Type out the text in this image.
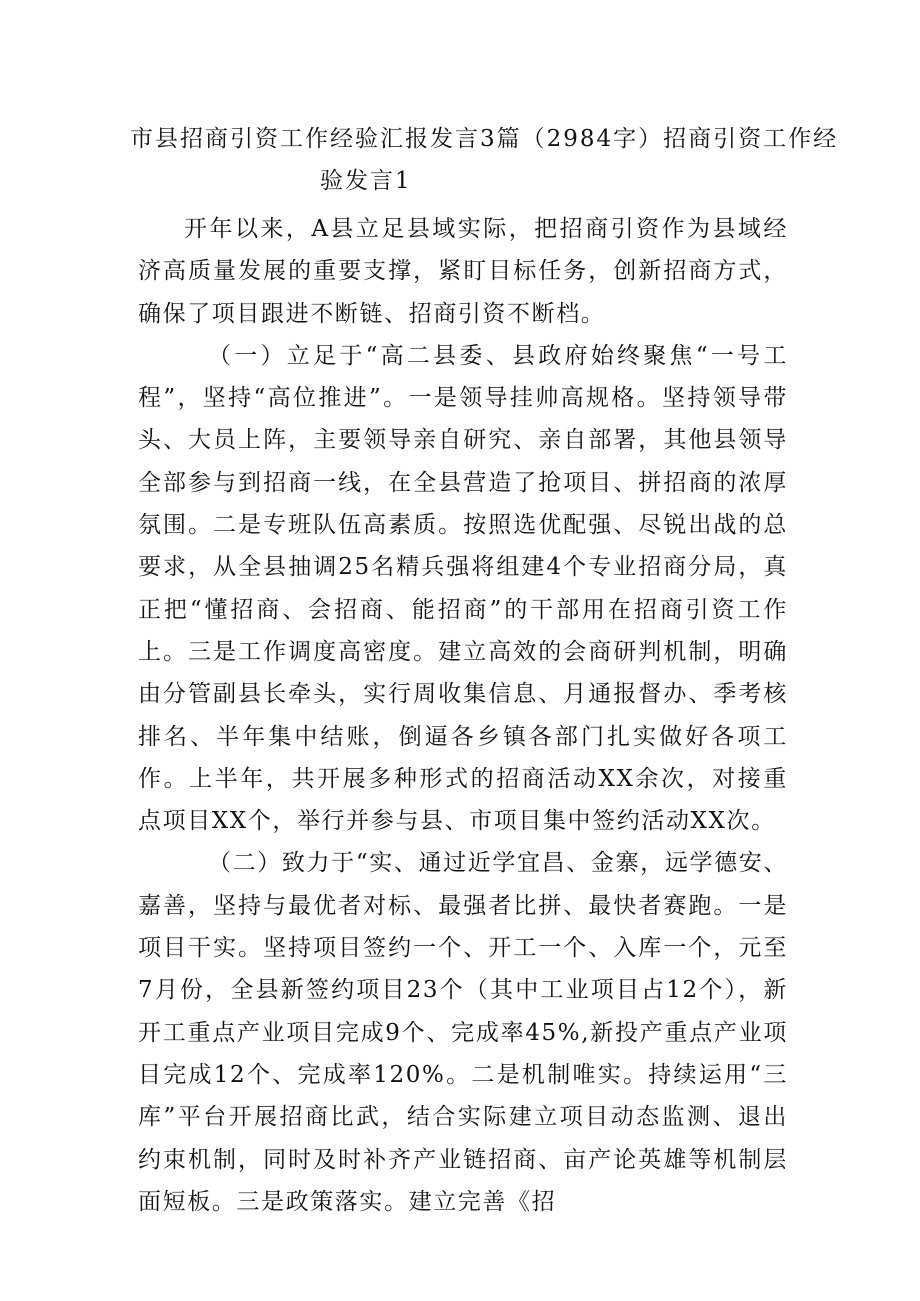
市县招商引资工作经验汇报发言3篇（2984字）招商引资工作经
验发言1

开年以来，A县立足县域实际，把招商引资作为县域经济高质量发展的重要支撑，紧盯目标任务，创新招商方式，确保了项目跟进不断链、招商引资不断档。

（一）立足于“高二县委、县政府始终聚焦“一号工程”，坚持“高位推进”。一是领导挂帅高规格。坚持领导带头、大员上阵，主要领导亲自研究、亲自部署，其他县领导全部参与到招商一线，在全县营造了抢项目、拼招商的浓厚氛围。二是专班队伍高素质。按照选优配强、尽锐出战的总要求，从全县抽调25名精兵强将组建4个专业招商分局，真正把“懂招商、会招商、能招商”的干部用在招商引资工作上。三是工作调度高密度。建立高效的会商研判机制，明确由分管副县长牵头，实行周收集信息、月通报督办、季考核排名、半年集中结账，倒逼各乡镇各部门扎实做好各项工作。上半年，共开展多种形式的招商活动XX余次，对接重点项目XX个，举行并参与县、市项目集中签约活动XX次。

（二）致力于“实、通过近学宜昌、金寨，远学德安、嘉善，坚持与最优者对标、最强者比拼、最快者赛跑。一是项目干实。坚持项目签约一个、开工一个、入库一个，元至7月份，全县新签约项目23个（其中工业项目占12个），新开工重点产业项目完成9个、完成率45%,新投产重点产业项目完成12个、完成率120%。二是机制唯实。持续运用“三库”平台开展招商比武，结合实际建立项目动态监测、退出约束机制，同时及时补齐产业链招商、亩产论英雄等机制层面短板。三是政策落实。建立完善《招
